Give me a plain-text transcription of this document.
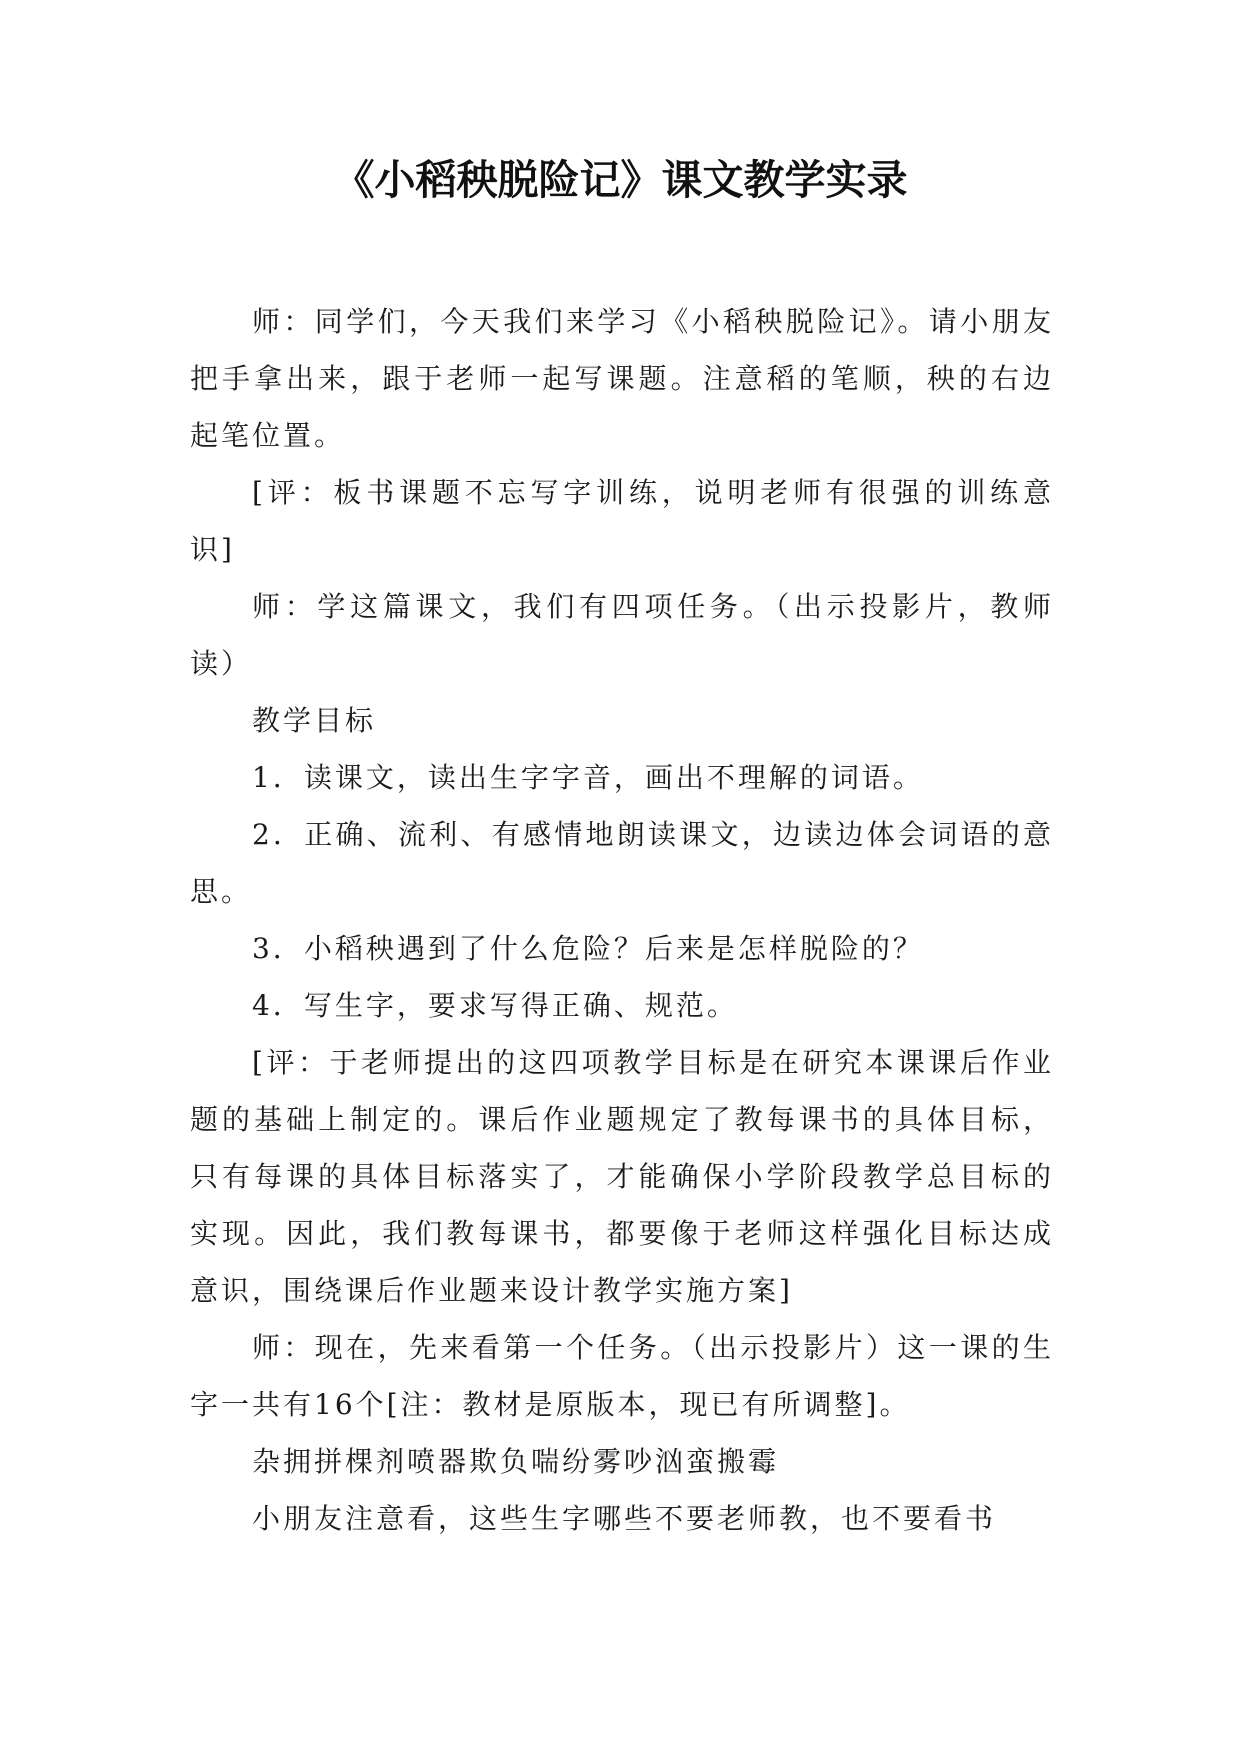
《小稻秧脱险记》课文教学实录

师：同学们，今天我们来学习《小稻秧脱险记》。请小朋友把手拿出来，跟于老师一起写课题。注意稻的笔顺，秧的右边起笔位置。

[评：板书课题不忘写字训练，说明老师有很强的训练意识]

师：学这篇课文，我们有四项任务。（出示投影片，教师读）

教学目标

1．读课文，读出生字字音，画出不理解的词语。

2．正确、流利、有感情地朗读课文，边读边体会词语的意思。

3．小稻秧遇到了什么危险？后来是怎样脱险的？

4．写生字，要求写得正确、规范。

[评：于老师提出的这四项教学目标是在研究本课课后作业题的基础上制定的。课后作业题规定了教每课书的具体目标，只有每课的具体目标落实了，才能确保小学阶段教学总目标的实现。因此，我们教每课书，都要像于老师这样强化目标达成意识，围绕课后作业题来设计教学实施方案]

师：现在，先来看第一个任务。（出示投影片）这一课的生字一共有16个[注：教材是原版本，现已有所调整]。

杂拥拼棵剂喷器欺负喘纷雾吵汹蛮搬霉

小朋友注意看，这些生字哪些不要老师教，也不要看书
